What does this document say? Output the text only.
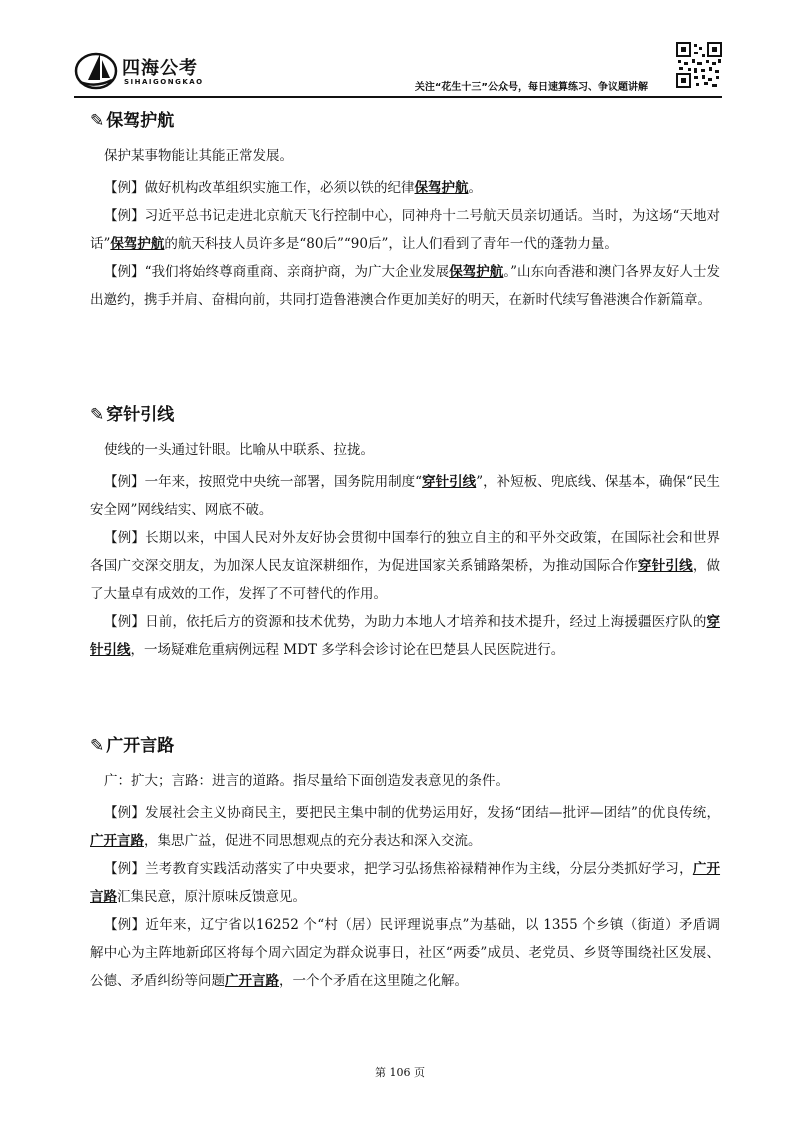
四海公考
SIHAIGONGKAO	关注“花生十三”公众号，每日速算练习、争议题讲解
✎ 保驾护航
保护某事物能让其能正常发展。

【例】做好机构改革组织实施工作，必须以铁的纪律保驾护航。

【例】习近平总书记走进北京航天飞行控制中心，同神舟十二号航天员亲切通话。当时，为这场“天地对话”保驾护航的航天科技人员许多是“80后”“90后”，让人们看到了青年一代的蓬勃力量。

【例】“我们将始终尊商重商、亲商护商，为广大企业发展保驾护航。”山东向香港和澳门各界友好人士发出邀约，携手并肩、奋楫向前，共同打造鲁港澳合作更加美好的明天，在新时代续写鲁港澳合作新篇章。

✎ 穿针引线
使线的一头通过针眼。比喻从中联系、拉拢。

【例】一年来，按照党中央统一部署，国务院用制度“穿针引线”，补短板、兜底线、保基本，确保“民生安全网”网线结实、网底不破。

【例】长期以来，中国人民对外友好协会贯彻中国奉行的独立自主的和平外交政策，在国际社会和世界各国广交深交朋友，为加深人民友谊深耕细作，为促进国家关系铺路架桥，为推动国际合作穿针引线，做了大量卓有成效的工作，发挥了不可替代的作用。

【例】日前，依托后方的资源和技术优势，为助力本地人才培养和技术提升，经过上海援疆医疗队的穿针引线，一场疑难危重病例远程 MDT 多学科会诊讨论在巴楚县人民医院进行。

✎ 广开言路
广：扩大；言路：进言的道路。指尽量给下面创造发表意见的条件。

【例】发展社会主义协商民主，要把民主集中制的优势运用好，发扬“团结—批评—团结”的优良传统，广开言路，集思广益，促进不同思想观点的充分表达和深入交流。

【例】兰考教育实践活动落实了中央要求，把学习弘扬焦裕禄精神作为主线，分层分类抓好学习，广开言路汇集民意，原汁原味反馈意见。

【例】近年来，辽宁省以16252 个“村（居）民评理说事点”为基础，以 1355 个乡镇（街道）矛盾调解中心为主阵地新邱区将每个周六固定为群众说事日，社区“两委”成员、老党员、乡贤等围绕社区发展、公德、矛盾纠纷等问题广开言路，一个个矛盾在这里随之化解。

第 106 页
